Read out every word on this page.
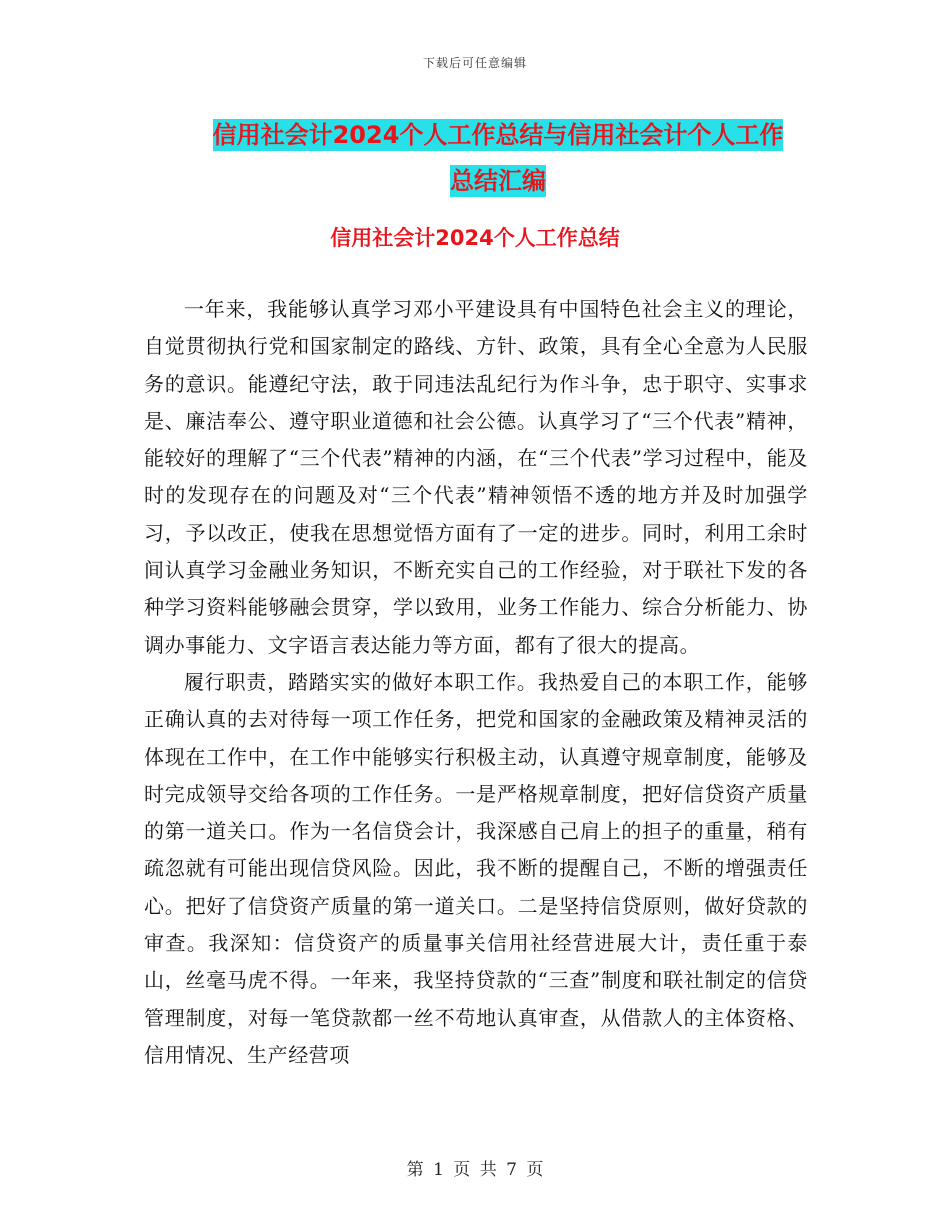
下载后可任意编辑
信用社会计2024个人工作总结与信用社会计个人工作
总结汇编
信用社会计2024个人工作总结

一年来，我能够认真学习邓小平建设具有中国特色社会主义的理论，自觉贯彻执行党和国家制定的路线、方针、政策，具有全心全意为人民服务的意识。能遵纪守法，敢于同违法乱纪行为作斗争，忠于职守、实事求是、廉洁奉公、遵守职业道德和社会公德。认真学习了“三个代表”精神，能较好的理解了“三个代表”精神的内涵，在“三个代表”学习过程中，能及时的发现存在的问题及对“三个代表”精神领悟不透的地方并及时加强学习，予以改正，使我在思想觉悟方面有了一定的进步。同时，利用工余时间认真学习金融业务知识，不断充实自己的工作经验，对于联社下发的各种学习资料能够融会贯穿，学以致用，业务工作能力、综合分析能力、协调办事能力、文字语言表达能力等方面，都有了很大的提高。

履行职责，踏踏实实的做好本职工作。我热爱自己的本职工作，能够正确认真的去对待每一项工作任务，把党和国家的金融政策及精神灵活的体现在工作中，在工作中能够实行积极主动，认真遵守规章制度，能够及时完成领导交给各项的工作任务。一是严格规章制度，把好信贷资产质量的第一道关口。作为一名信贷会计，我深感自己肩上的担子的重量，稍有疏忽就有可能出现信贷风险。因此，我不断的提醒自己，不断的增强责任心。把好了信贷资产质量的第一道关口。二是坚持信贷原则，做好贷款的审查。我深知：信贷资产的质量事关信用社经营进展大计，责任重于泰山，丝毫马虎不得。一年来，我坚持贷款的“三查”制度和联社制定的信贷管理制度，对每一笔贷款都一丝不苟地认真审查，从借款人的主体资格、信用情况、生产经营项

第 1 页 共 7 页
